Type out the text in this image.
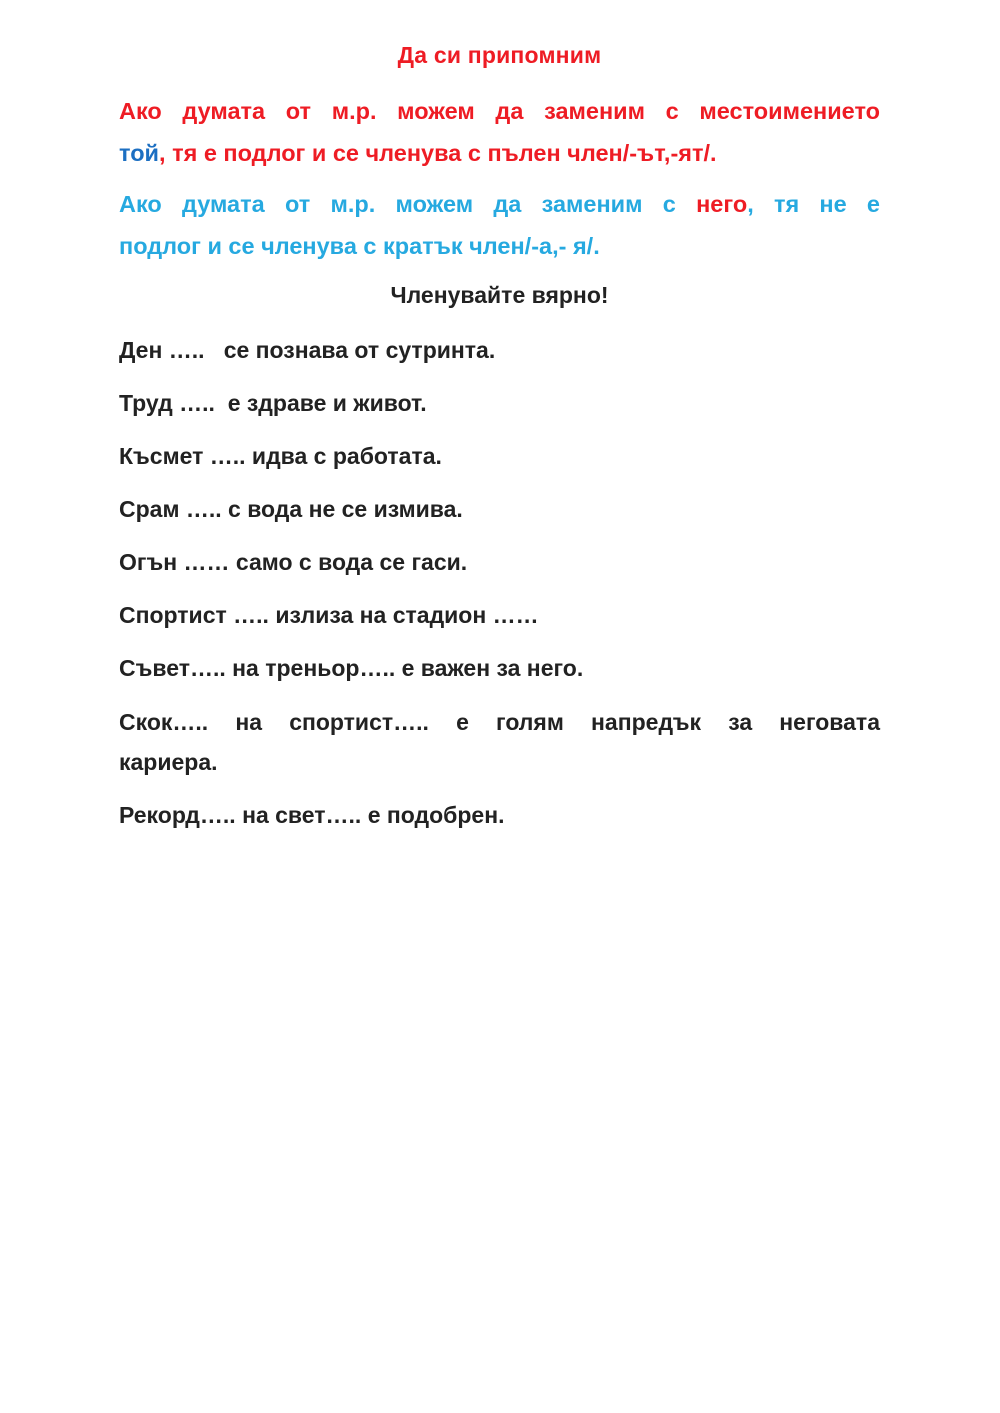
Да си припомним
Ако думата от м.р. можем да заменим с местоимението
той, тя е подлог и се членува с пълен член/-ът,-ят/.
Ако думата от м.р. можем да заменим с него, тя не е
подлог и се членува с кратък член/-а,- я/.
Членувайте вярно!
Ден …..   се познава от сутринта.
Труд …..  е здраве и живот.
Късмет ….. идва с работата.
Срам ….. с вода не се измива.
Огън …… само с вода се гаси.
Спортист ….. излиза на стадион ……
Съвет….. на треньор….. е важен за него.
Скок….. на спортист….. е голям напредък за неговата
кариера.
Рекорд….. на свет….. е подобрен.
